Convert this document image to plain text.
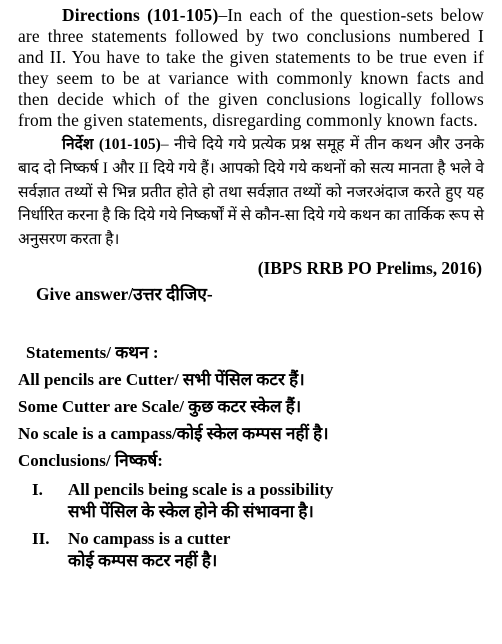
Directions (101-105)–In each of the question-sets below are three statements followed by two conclusions numbered I and II. You have to take the given statements to be true even if they seem to be at variance with commonly known facts and then decide which of the given conclusions logically follows from the given statements, disregarding commonly known facts.

निर्देश (101-105)– नीचे दिये गये प्रत्येक प्रश्न समूह में तीन कथन और उनके बाद दो निष्कर्ष I और II दिये गये हैं। आपको दिये गये कथनों को सत्य मानता है भले वे सर्वज्ञात तथ्यों से भिन्न प्रतीत होते हो तथा सर्वज्ञात तथ्यों को नजरअंदाज करते हुए यह निर्धारित करना है कि दिये गये निष्कर्षों में से कौन-सा दिये गये कथन का तार्किक रूप से अनुसरण करता है।

(IBPS RRB PO Prelims, 2016)
Give answer/उत्तर दीजिए-
Statements/ कथन :
All pencils are Cutter/ सभी पेंसिल कटर हैं।
Some Cutter are Scale/ कुछ कटर स्केल हैं।
No scale is a campass/कोई स्केल कम्पस नहीं है।
Conclusions/ निष्कर्ष:
I.	All pencils being scale is a possibility
सभी पेंसिल के स्केल होने की संभावना है।
II.	No campass is a cutter
कोई कम्पस कटर नहीं है।
